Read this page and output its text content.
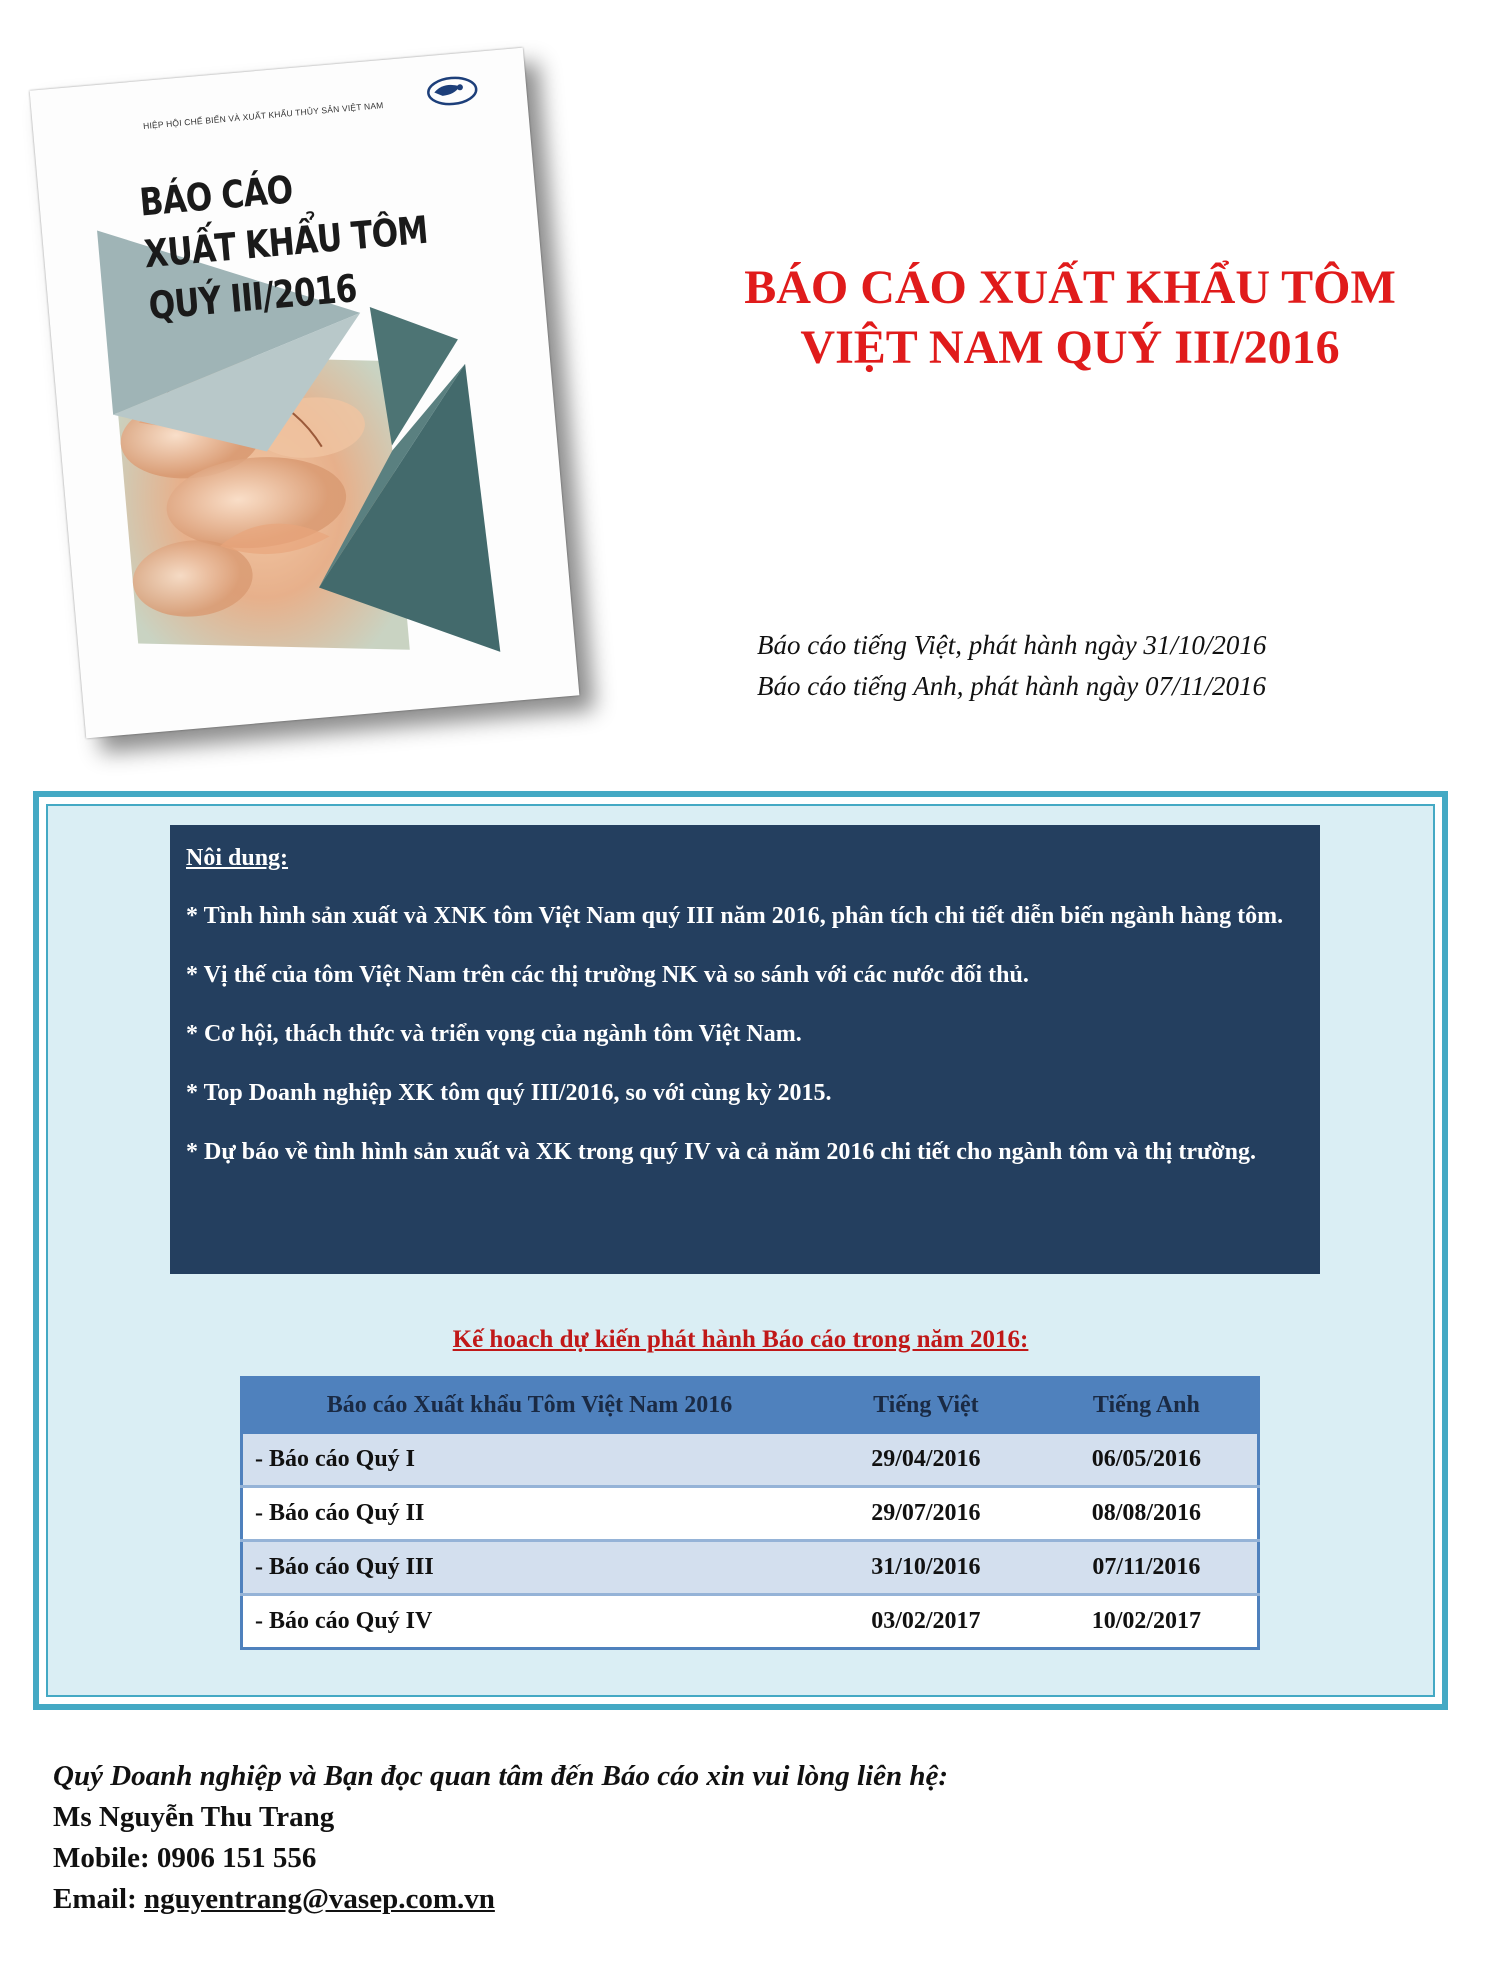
HIỆP HỘI CHẾ BIẾN VÀ XUẤT KHẨU THỦY SẢN VIỆT NAM
BÁO CÁO
XUẤT KHẨU TÔM
QUÝ III/2016	BÁO CÁO XUẤT KHẨU TÔM
VIỆT NAM QUÝ III/2016
Báo cáo tiếng Việt, phát hành ngày 31/10/2016
Báo cáo tiếng Anh, phát hành ngày 07/11/2016
Nôi dung:
* Tình hình sản xuất và XNK tôm Việt Nam quý III năm 2016, phân tích chi tiết diễn biến ngành hàng tôm.
* Vị thế của tôm Việt Nam trên các thị trường NK và so sánh với các nước đối thủ.
* Cơ hội, thách thức và triển vọng của ngành tôm Việt Nam.
* Top Doanh nghiệp XK tôm quý III/2016, so với cùng kỳ 2015.
* Dự báo về tình hình sản xuất và XK trong quý IV và cả năm 2016 chi tiết cho ngành tôm và thị trường.
Kế hoach dự kiến phát hành Báo cáo trong năm 2016:
Báo cáo Xuất khẩu Tôm Việt Nam 2016	Tiếng Việt	Tiếng Anh
- Báo cáo Quý I	29/04/2016	06/05/2016
- Báo cáo Quý II	29/07/2016	08/08/2016
- Báo cáo Quý III	31/10/2016	07/11/2016
- Báo cáo Quý IV	03/02/2017	10/02/2017
Quý Doanh nghiệp và Bạn đọc quan tâm đến Báo cáo xin vui lòng liên hệ:
Ms Nguyễn Thu Trang
Mobile: 0906 151 556
Email: nguyentrang@vasep.com.vn
